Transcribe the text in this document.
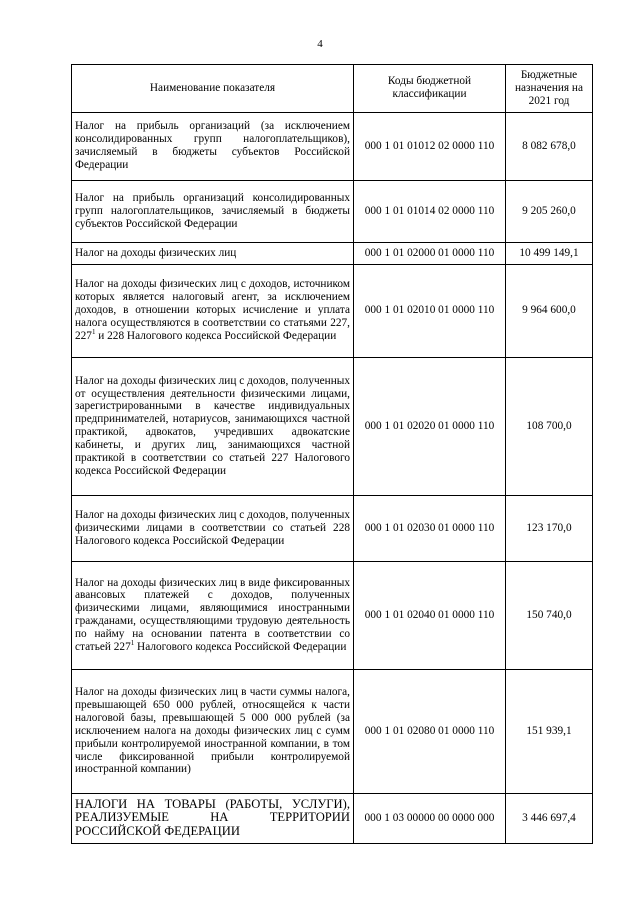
4
Наименование показателя	Коды бюджетной классификации	Бюджетные назначения на 2021 год
Налог на прибыль организаций (за исключением консолидированных групп налогоплательщиков), зачисляемый в бюджеты субъектов Российской Федерации	000 1 01 01012 02 0000 110	8 082 678,0
Налог на прибыль организаций консолидированных групп налогоплательщиков, зачисляемый в бюджеты субъектов Российской Федерации	000 1 01 01014 02 0000 110	9 205 260,0
Налог на доходы физических лиц	000 1 01 02000 01 0000 110	10 499 149,1
Налог на доходы физических лиц с доходов, источником которых является налоговый агент, за исключением доходов, в отношении которых исчисление и уплата налога осуществляются в соответствии со статьями 227, $227^1$ и 228 Налогового кодекса Российской Федерации	000 1 01 02010 01 0000 110	9 964 600,0
Налог на доходы физических лиц с доходов, полученных от осуществления деятельности физическими лицами, зарегистрированными в качестве индивидуальных предпринимателей, нотариусов, занимающихся частной практикой, адвокатов, учредивших адвокатские кабинеты, и других лиц, занимающихся частной практикой в соответствии со статьей 227 Налогового кодекса Российской Федерации	000 1 01 02020 01 0000 110	108 700,0
Налог на доходы физических лиц с доходов, полученных физическими лицами в соответствии со статьей 228 Налогового кодекса Российской Федерации	000 1 01 02030 01 0000 110	123 170,0
Налог на доходы физических лиц в виде фиксированных авансовых платежей с доходов, полученных физическими лицами, являющимися иностранными гражданами, осуществляющими трудовую деятельность по найму на основании патента в соответствии со статьей $227^1$ Налогового кодекса Российской Федерации	000 1 01 02040 01 0000 110	150 740,0
Налог на доходы физических лиц в части суммы налога, превышающей 650 000 рублей, относящейся к части налоговой базы, превышающей 5 000 000 рублей (за исключением налога на доходы физических лиц с сумм прибыли контролируемой иностранной компании, в том числе фиксированной прибыли контролируемой иностранной компании)	000 1 01 02080 01 0000 110	151 939,1
НАЛОГИ НА ТОВАРЫ (РАБОТЫ, УСЛУГИ), РЕАЛИЗУЕМЫЕ НА ТЕРРИТОРИИ РОССИЙСКОЙ ФЕДЕРАЦИИ	000 1 03 00000 00 0000 000	3 446 697,4
